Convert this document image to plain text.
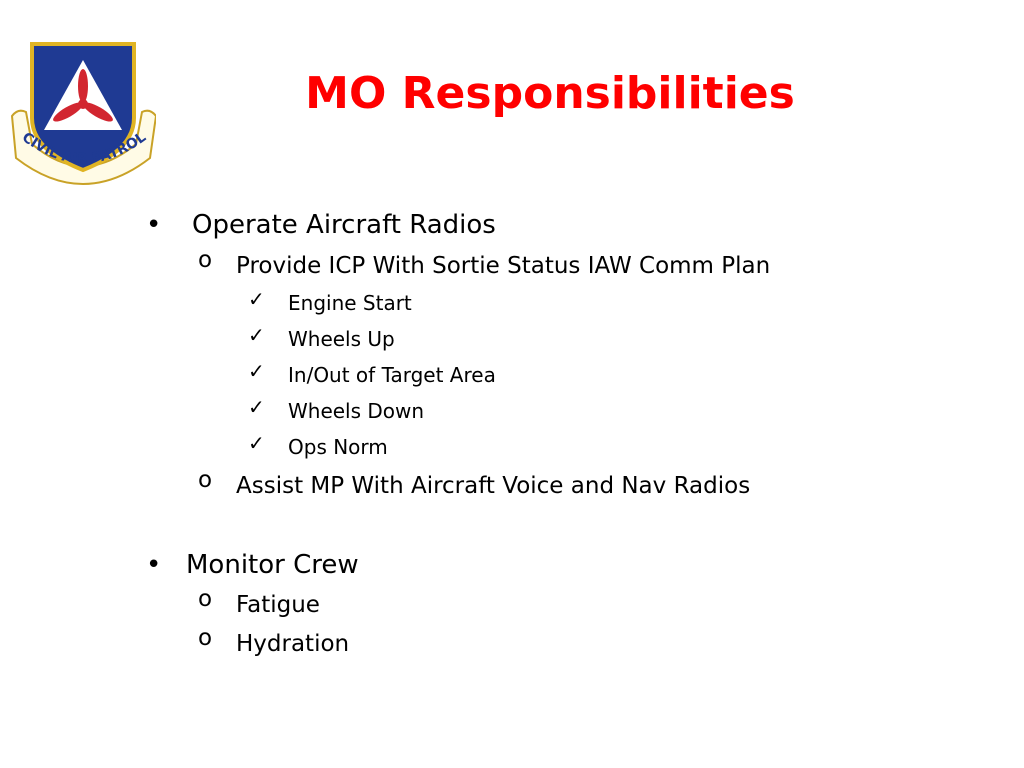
CIVIL AIR PATROL
MO Responsibilities
• Operate Aircraft Radios
o Provide ICP With Sortie Status IAW Comm Plan
✓ Engine Start
✓ Wheels Up
✓ In/Out of Target Area
✓ Wheels Down
✓ Ops Norm
o Assist MP With Aircraft Voice and Nav Radios
• Monitor Crew
o Fatigue
o Hydration
